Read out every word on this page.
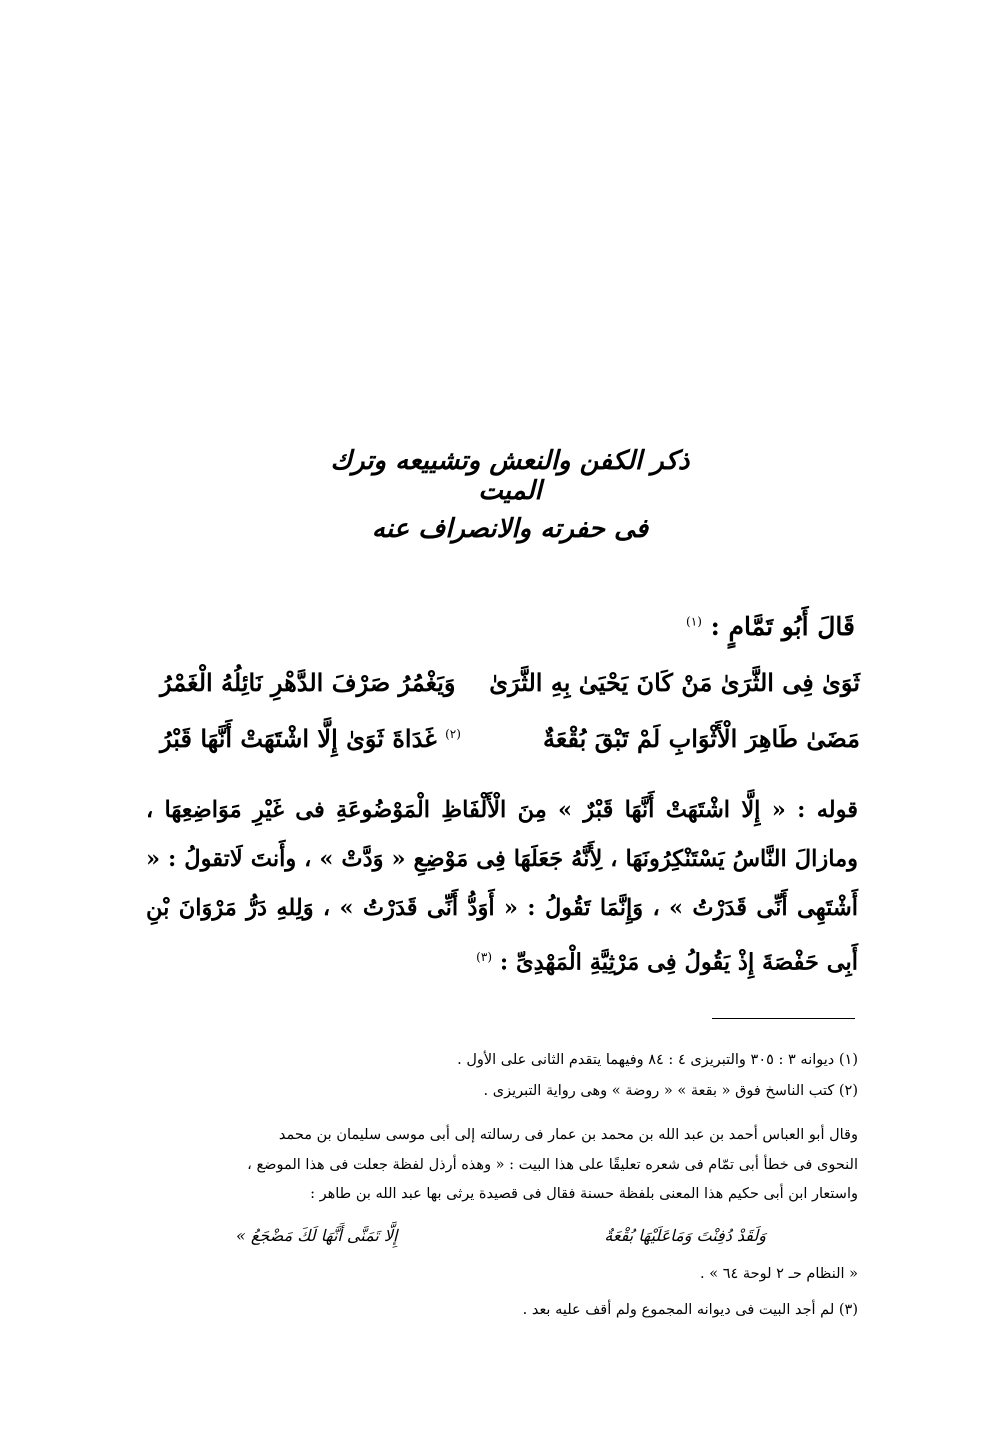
ذكر الكفن والنعش وتشييعه وترك الميت
فى حفرته والانصراف عنه
قَالَ أَبُو تَمَّامٍ : $^{(١)}$
ثَوَىٰ فِى الثَّرَىٰ مَنْ كَانَ يَحْيَىٰ بِهِ الثَّرَىٰ
وَيَغْمُرُ صَرْفَ الدَّهْرِ نَائِلُهُ الْغَمْرُ
مَضَىٰ طَاهِرَ الْأَثْوَابِ لَمْ تَبْقَ بُقْعَةٌ
$^{(٢)}$ غَدَاةَ ثَوَىٰ إِلَّا اشْتَهَتْ أَنَّهَا قَبْرُ
قوله : « إِلَّا اشْتَهَتْ أَنَّهَا قَبْرٌ » مِنَ الْأَلْفَاظِ الْمَوْضُوعَةِ فى غَيْرِ مَوَاضِعِهَا ، ومازالَ النَّاسُ يَسْتَنْكِرُونَهَا ، لِأَنَّهُ جَعَلَهَا فِى مَوْضِعِ « وَدَّتْ » ، وأَنتَ لَاتقولُ : « أَشْتَهِى أَنِّى قَدَرْتُ » ، وَإِنَّمَا تَقُولُ : « أَوَدُّ أَنِّى قَدَرْتُ » ، وَلِلهِ دَرُّ مَرْوَانَ بْنِ أَبِى حَفْصَةَ إِذْ يَقُولُ فِى مَرْثِيَّةِ الْمَهْدِىِّ : $^{(٣)}$
(١) ديوانه ٣ : ٣٠٥ والتبريزى ٤ : ٨٤ وفيهما يتقدم الثانى على الأول .
(٢) كتب الناسخ فوق « بقعة » « روضة » وهى رواية التبريزى .
وقال أبو العباس أحمد بن عبد الله بن محمد بن عمار فى رسالته إلى أبى موسى سليمان بن محمد
النحوى فى خطأ أبى تمّام فى شعره تعليقًا على هذا البيت : « وهذه أرذل لفظة جعلت فى هذا الموضع ،
واستعار ابن أبى حكيم هذا المعنى بلفظة حسنة فقال فى قصيدة يرثى بها عبد الله بن طاهر :
وَلَقَدْ دُفِنْتَ وَمَاعَلَيْهَا بُقْعَةٌ
إِلَّا تَمَنَّى أَنَّهَا لَكَ مَضْجَعُ »
« النظام حـ ٢ لوحة ٦٤ » .
(٣) لم أجد البيت فى ديوانه المجموع ولم أقف عليه بعد .
